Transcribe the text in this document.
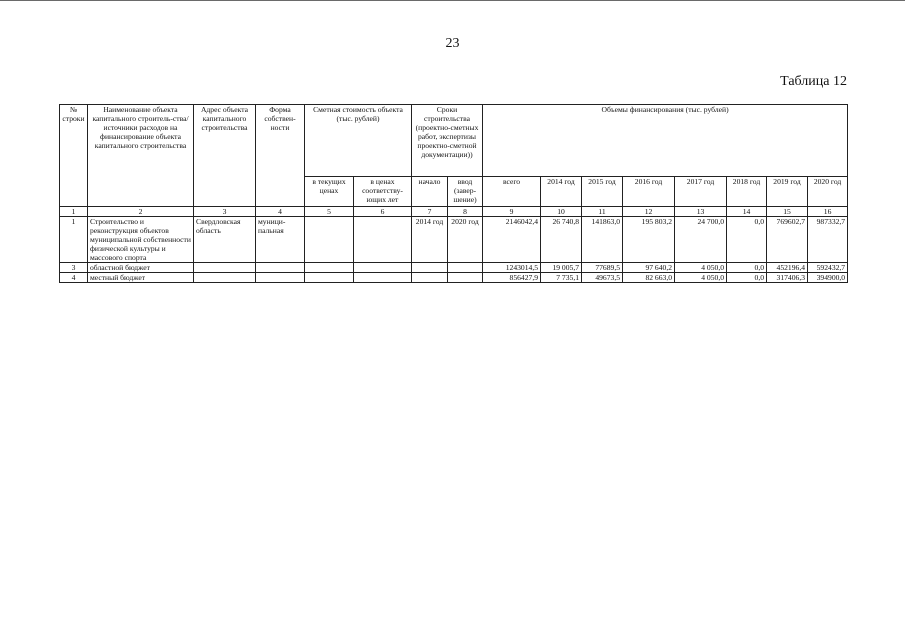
23
Таблица 12
№ строки	Наименование объекта капитального строитель-ства/ источники расходов на финансирование объекта капитального строительства	Адрес объекта капитального строительства	Форма собствен-ности	Сметная стоимость объекта (тыс. рублей)		Сроки строительства (проектно-сметных работ, экспертизы проектно-сметной документации))		Объемы финансирования (тыс. рублей)							
				в текущих ценах	в ценах соответству-ющих лет	начало	ввод (завер-шение)	всего	2014 год	2015 год	2016 год	2017 год	2018 год	2019 год	2020 год
1	2	3	4	5	6	7	8	9	10	11	12	13	14	15	16
1	Строительство и реконструкция объектов муниципальной собственности физической культуры и массового спорта	Свердловская область	муници-пальная			2014 год	2020 год	2146042,4	26 740,8	141863,0	195 803,2	24 700,0	0,0	769602,7	987332,7
3	областной бюджет							1243014,5	19 005,7	77689,5	97 640,2	4 050,0	0,0	452196,4	592432,7
4	местный бюджет							856427,9	7 735,1	49673,5	82 663,0	4 050,0	0,0	317406,3	394900,0
